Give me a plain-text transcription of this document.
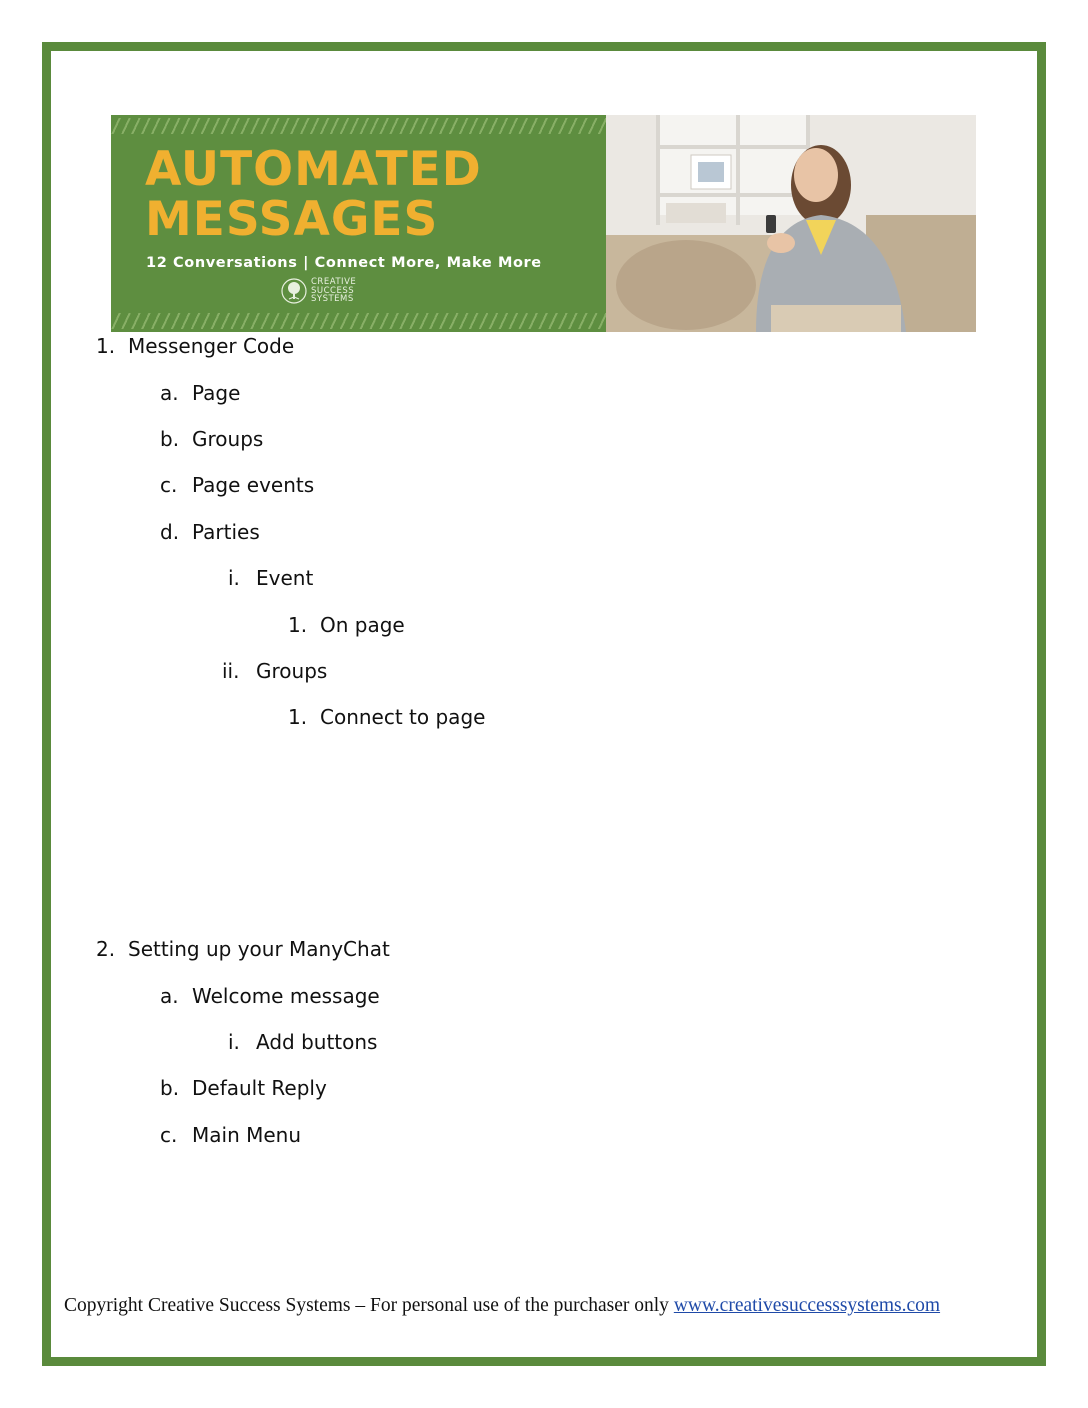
AUTOMATED
MESSAGES
12 Conversations | Connect More, Make More
CREATIVE
SUCCESS
SYSTEMS
1. Messenger Code
a. Page
b. Groups
c. Page events
d. Parties
i. Event
1. On page
ii. Groups
1. Connect to page
2. Setting up your ManyChat
a. Welcome message
i. Add buttons
b. Default Reply
c. Main Menu
Copyright Creative Success Systems – For personal use of the purchaser only www.creativesuccesssystems.com
